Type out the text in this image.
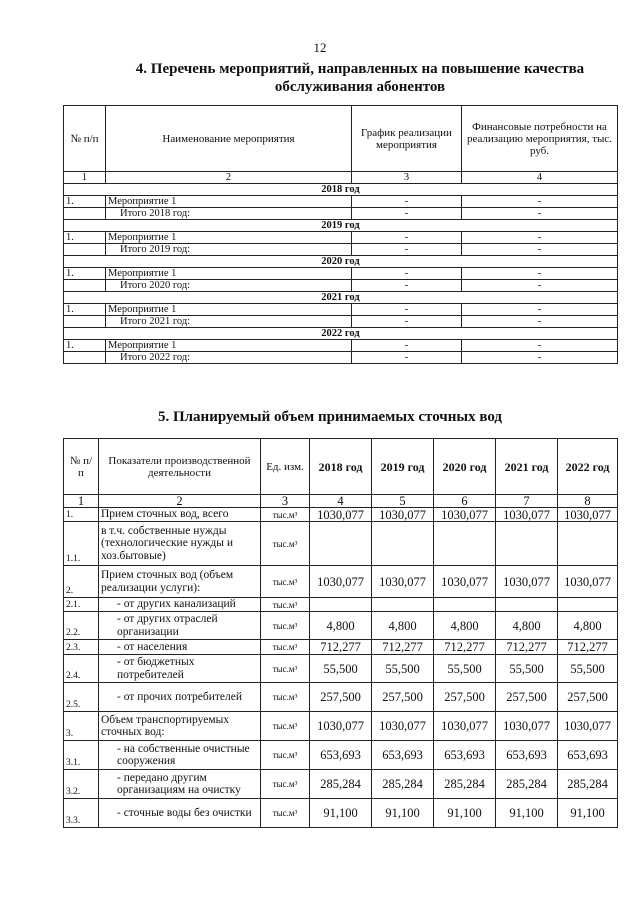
12
4. Перечень мероприятий, направленных на повышение качества обслуживания абонентов
№ п/п	Наименование мероприятия	График реализации мероприятия	Финансовые потребности на реализацию мероприятия, тыс. руб.
1	2	3	4
2018 год			
1.	Мероприятие 1	-	-
	Итого 2018 год:	-	-
2019 год			
1.	Мероприятие 1	-	-
	Итого 2019 год:	-	-
2020 год			
1.	Мероприятие 1	-	-
	Итого 2020 год:	-	-
2021 год			
1.	Мероприятие 1	-	-
	Итого 2021 год:	-	-
2022 год			
1.	Мероприятие 1	-	-
	Итого 2022 год:	-	-
5. Планируемый объем принимаемых сточных вод
№ п/ п	Показатели производственной деятельности	Ед. изм.	2018 год	2019 год	2020 год	2021 год	2022 год
1	2	3	4	5	6	7	8
1.	Прием сточных вод, всего	тыс.м³	1030,077	1030,077	1030,077	1030,077	1030,077
1.1.	в т.ч. собственные нужды (технологические нужды и хоз.бытовые)	тыс.м³					
2.	Прием сточных вод (объем реализации услуги):	тыс.м³	1030,077	1030,077	1030,077	1030,077	1030,077
2.1.	- от других канализаций	тыс.м³					
2.2.	- от других отраслей организации	тыс.м³	4,800	4,800	4,800	4,800	4,800
2.3.	- от населения	тыс.м³	712,277	712,277	712,277	712,277	712,277
2.4.	- от бюджетных потребителей	тыс.м³	55,500	55,500	55,500	55,500	55,500
2.5.	- от прочих потребителей	тыс.м³	257,500	257,500	257,500	257,500	257,500
3.	Объем транспортируемых сточных вод:	тыс.м³	1030,077	1030,077	1030,077	1030,077	1030,077
3.1.	- на собственные очистные сооружения	тыс.м³	653,693	653,693	653,693	653,693	653,693
3.2.	- передано другим организациям на очистку	тыс.м³	285,284	285,284	285,284	285,284	285,284
3.3.	- сточные воды без очистки	тыс.м³	91,100	91,100	91,100	91,100	91,100
